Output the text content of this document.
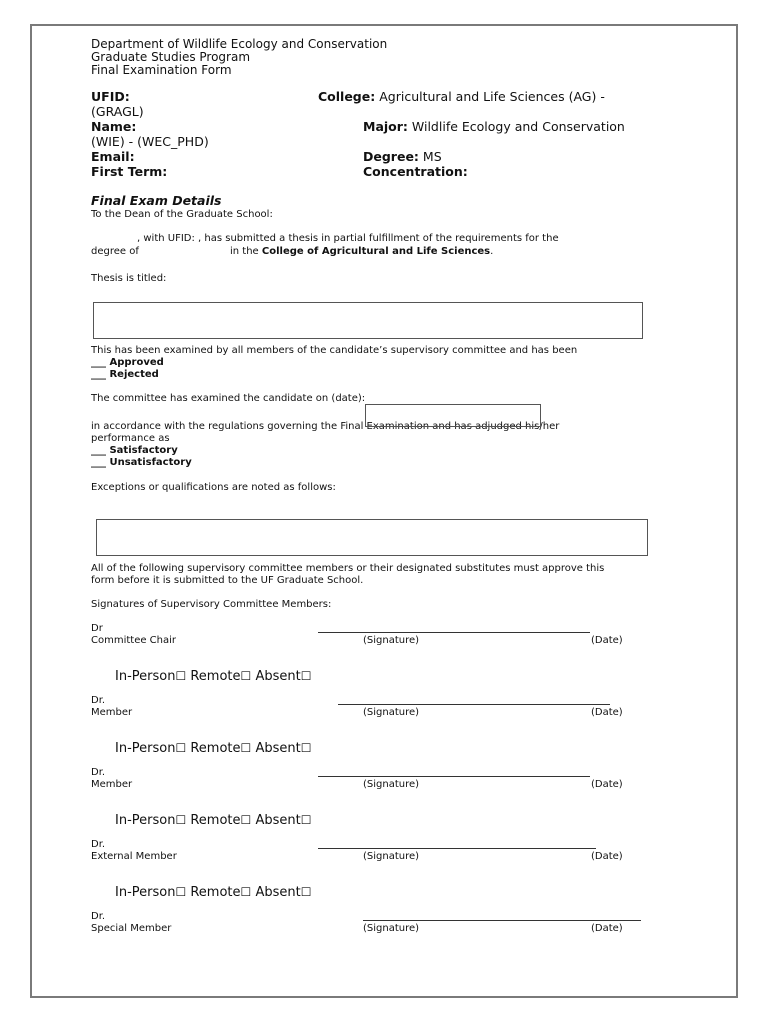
Department of Wildlife Ecology and Conservation
Graduate Studies Program
Final Examination Form
UFID:	College: Agricultural and Life Sciences (AG) -
(GRAGL)
Name:	Major: Wildlife Ecology and Conservation
(WIE) - (WEC_PHD)
Email:	Degree: MS
First Term:	Concentration:
Final Exam Details
To the Dean of the Graduate School:
, with UFID: , has submitted a thesis in partial fulfillment of the requirements for the
degree of	in the College of Agricultural and Life Sciences.
Thesis is titled:
This has been examined by all members of the candidate’s supervisory committee and has been
___ Approved
___ Rejected
The committee has examined the candidate on (date):
in accordance with the regulations governing the Final Examination and has adjudged his/her
performance as
___ Satisfactory
___ Unsatisfactory
Exceptions or qualifications are noted as follows:
All of the following supervisory committee members or their designated substitutes must approve this
form before it is submitted to the UF Graduate School.
Signatures of Supervisory Committee Members:
Dr
Committee Chair	(Signature)	(Date)
In-Person☐ Remote☐ Absent☐
Dr.
Member	(Signature)	(Date)
In-Person☐ Remote☐ Absent☐
Dr.
Member	(Signature)	(Date)
In-Person☐ Remote☐ Absent☐
Dr.
External Member	(Signature)	(Date)
In-Person☐ Remote☐ Absent☐
Dr.
Special Member	(Signature)	(Date)
